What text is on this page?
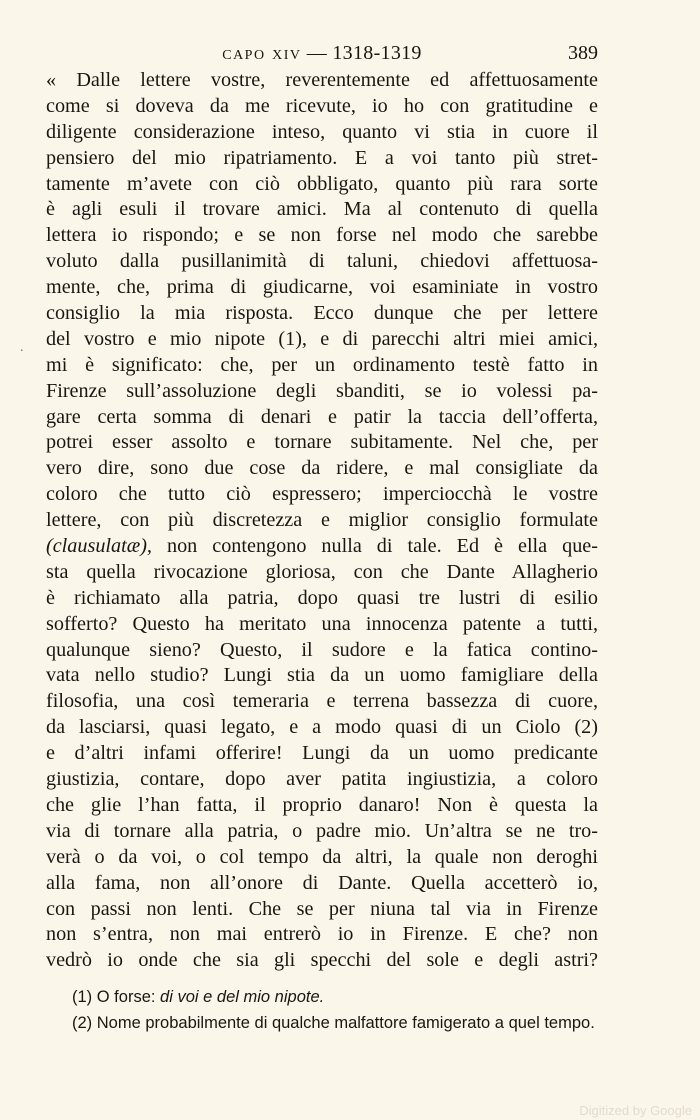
capo xiv — 1318-1319	389
.
« Dalle lettere vostre, reverentemente ed affettuosamente
come si doveva da me ricevute, io ho con gratitudine e
diligente considerazione inteso, quanto vi stia in cuore il
pensiero del mio ripatriamento. E a voi tanto più stret-
tamente m’avete con ciò obbligato, quanto più rara sorte
è agli esuli il trovare amici. Ma al contenuto di quella
lettera io rispondo; e se non forse nel modo che sarebbe
voluto dalla pusillanimità di taluni, chiedovi affettuosa-
mente, che, prima di giudicarne, voi esaminiate in vostro
consiglio la mia risposta. Ecco dunque che per lettere
del vostro e mio nipote (1), e di parecchi altri miei amici,
mi è significato: che, per un ordinamento testè fatto in
Firenze sull’assoluzione degli sbanditi, se io volessi pa-
gare certa somma di denari e patir la taccia dell’offerta,
potrei esser assolto e tornare subitamente. Nel che, per
vero dire, sono due cose da ridere, e mal consigliate da
coloro che tutto ciò espressero; imperciocchà le vostre
lettere, con più discretezza e miglior consiglio formulate
(clausulatæ), non contengono nulla di tale. Ed è ella que-
sta quella rivocazione gloriosa, con che Dante Allagherio
è richiamato alla patria, dopo quasi tre lustri di esilio
sofferto? Questo ha meritato una innocenza patente a tutti,
qualunque sieno? Questo, il sudore e la fatica contino-
vata nello studio? Lungi stia da un uomo famigliare della
filosofia, una così temeraria e terrena bassezza di cuore,
da lasciarsi, quasi legato, e a modo quasi di un Ciolo (2)
e d’altri infami offerire! Lungi da un uomo predicante
giustizia, contare, dopo aver patita ingiustizia, a coloro
che glie l’han fatta, il proprio danaro! Non è questa la
via di tornare alla patria, o padre mio. Un’altra se ne tro-
verà o da voi, o col tempo da altri, la quale non deroghi
alla fama, non all’onore di Dante. Quella accetterò io,
con passi non lenti. Che se per niuna tal via in Firenze
non s’entra, non mai entrerò io in Firenze. E che? non
vedrò io onde che sia gli specchi del sole e degli astri?
(1) O forse: di voi e del mio nipote.
(2) Nome probabilmente di qualche malfattore famigerato a quel tempo.
Digitized by Google
